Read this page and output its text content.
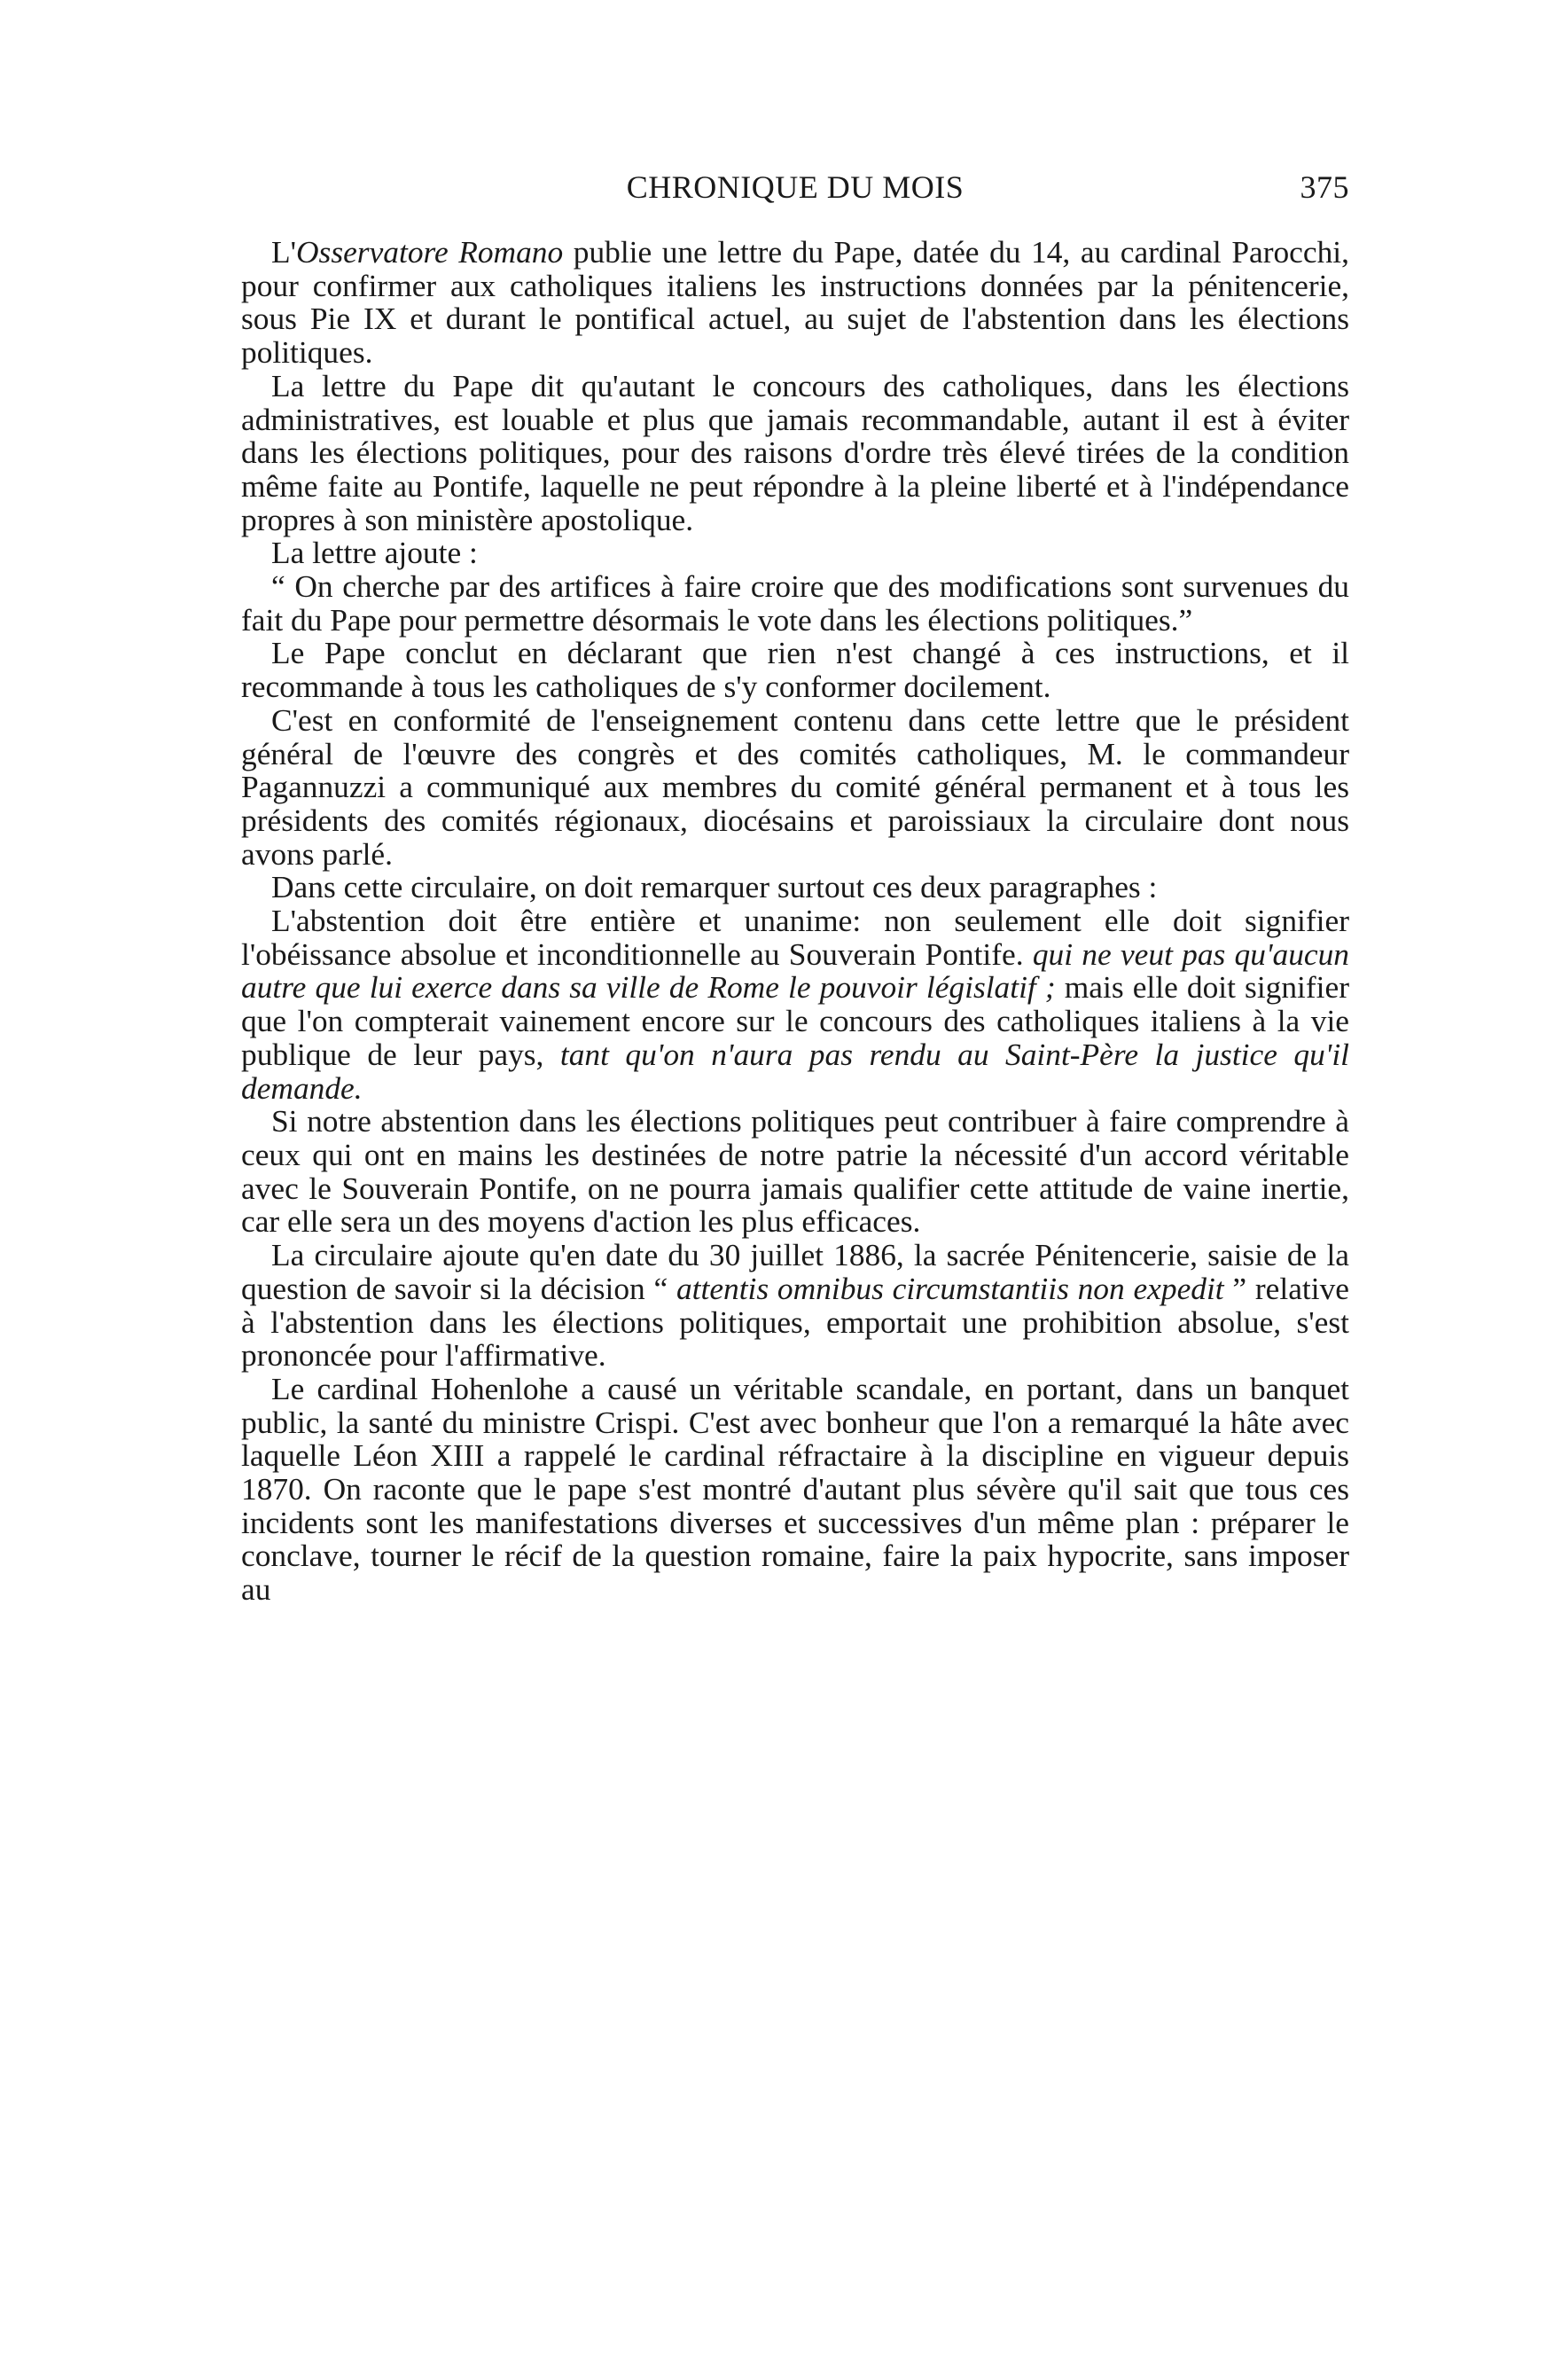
CHRONIQUE DU MOIS	375

L'Osservatore Romano publie une lettre du Pape, datée du 14, au cardinal Parocchi, pour confirmer aux catholiques italiens les instructions données par la pénitencerie, sous Pie IX et durant le pontifical actuel, au sujet de l'abstention dans les élections politiques.

La lettre du Pape dit qu'autant le concours des catholiques, dans les élections administratives, est louable et plus que jamais recommandable, autant il est à éviter dans les élections politiques, pour des raisons d'ordre très élevé tirées de la condition même faite au Pontife, laquelle ne peut répondre à la pleine liberté et à l'indépendance propres à son ministère apostolique.

La lettre ajoute :

“ On cherche par des artifices à faire croire que des modifications sont survenues du fait du Pape pour permettre désormais le vote dans les élections politiques.”

Le Pape conclut en déclarant que rien n'est changé à ces instructions, et il recommande à tous les catholiques de s'y conformer docilement.

C'est en conformité de l'enseignement contenu dans cette lettre que le président général de l'œuvre des congrès et des comités catholiques, M. le commandeur Pagannuzzi a communiqué aux membres du comité général permanent et à tous les présidents des comités régionaux, diocésains et paroissiaux la circulaire dont nous avons parlé.

Dans cette circulaire, on doit remarquer surtout ces deux paragraphes :

L'abstention doit être entière et unanime: non seulement elle doit signifier l'obéissance absolue et inconditionnelle au Souverain Pontife. qui ne veut pas qu'aucun autre que lui exerce dans sa ville de Rome le pouvoir législatif ; mais elle doit signifier que l'on compterait vainement encore sur le concours des catholiques italiens à la vie publique de leur pays, tant qu'on n'aura pas rendu au Saint-Père la justice qu'il demande.

Si notre abstention dans les élections politiques peut contribuer à faire comprendre à ceux qui ont en mains les destinées de notre patrie la nécessité d'un accord véritable avec le Souverain Pontife, on ne pourra jamais qualifier cette attitude de vaine inertie, car elle sera un des moyens d'action les plus efficaces.

La circulaire ajoute qu'en date du 30 juillet 1886, la sacrée Pénitencerie, saisie de la question de savoir si la décision “ attentis omnibus circumstantiis non expedit ” relative à l'abstention dans les élections politiques, emportait une prohibition absolue, s'est prononcée pour l'affirmative.

Le cardinal Hohenlohe a causé un véritable scandale, en portant, dans un banquet public, la santé du ministre Crispi. C'est avec bonheur que l'on a remarqué la hâte avec laquelle Léon XIII a rappelé le cardinal réfractaire à la discipline en vigueur depuis 1870. On raconte que le pape s'est montré d'autant plus sévère qu'il sait que tous ces incidents sont les manifestations diverses et successives d'un même plan : préparer le conclave, tourner le récif de la question romaine, faire la paix hypocrite, sans imposer au
